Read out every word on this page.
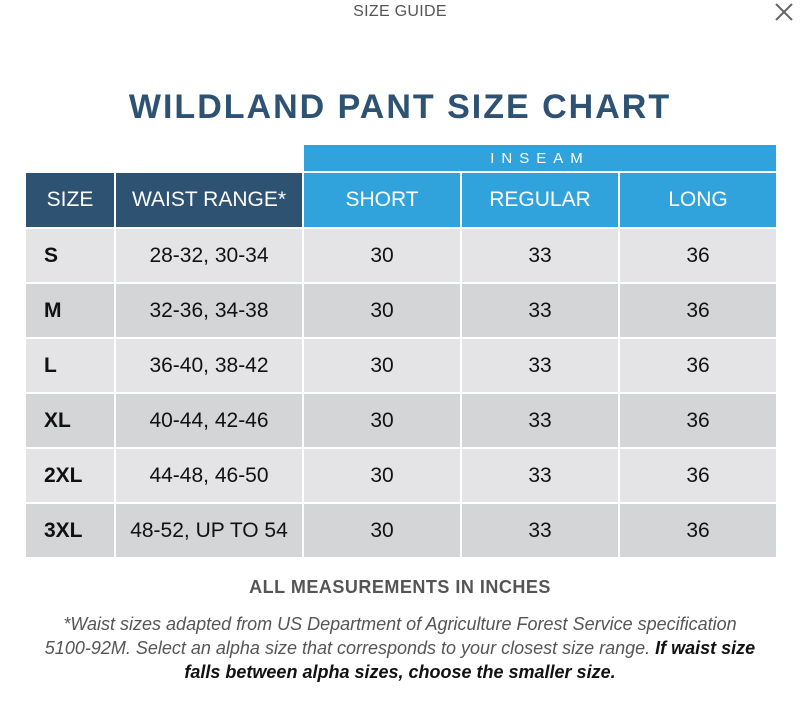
SIZE GUIDE
WILDLAND PANT SIZE CHART
		INSEAM		
SIZE	WAIST RANGE*	SHORT	REGULAR	LONG
S	28-32, 30-34	30	33	36
M	32-36, 34-38	30	33	36
L	36-40, 38-42	30	33	36
XL	40-44, 42-46	30	33	36
2XL	44-48, 46-50	30	33	36
3XL	48-52, UP TO 54	30	33	36
ALL MEASUREMENTS IN INCHES
*Waist sizes adapted from US Department of Agriculture Forest Service specification 5100-92M. Select an alpha size that corresponds to your closest size range. If waist size falls between alpha sizes, choose the smaller size.
